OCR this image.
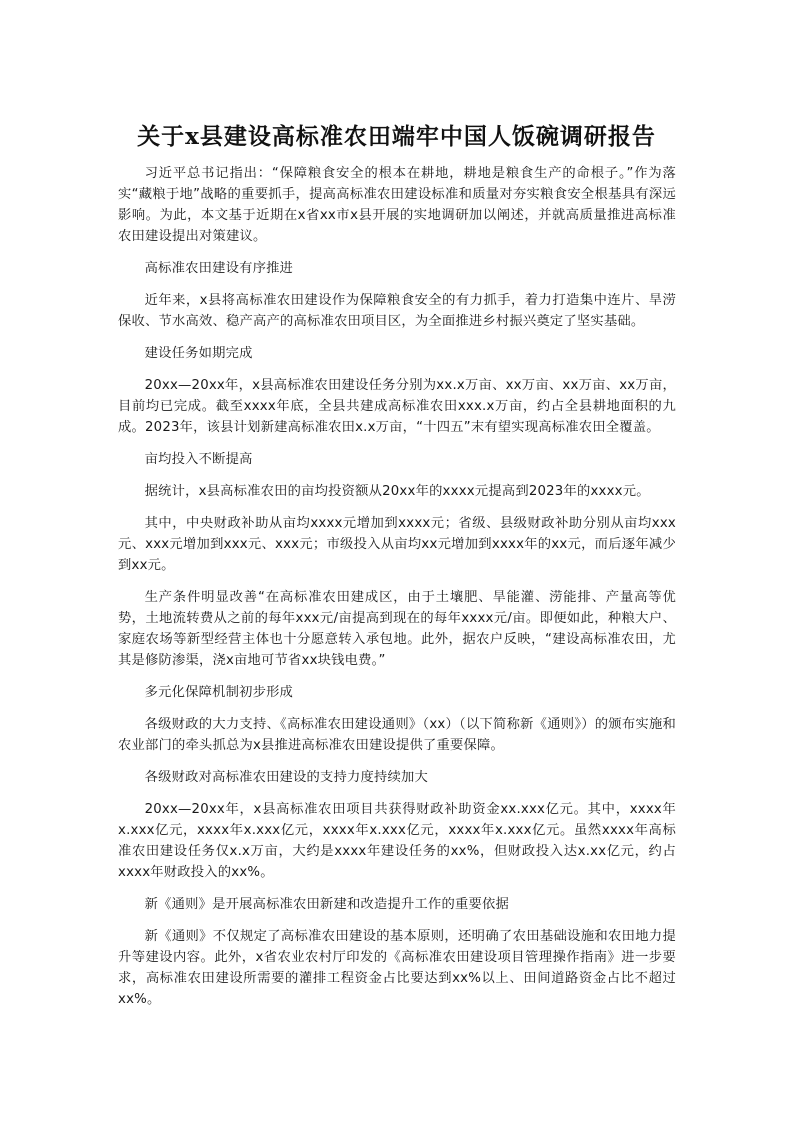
关于x县建设高标准农田端牢中国人饭碗调研报告

习近平总书记指出：“保障粮食安全的根本在耕地，耕地是粮食生产的命根子。”作为落实“藏粮于地”战略的重要抓手，提高高标准农田建设标准和质量对夯实粮食安全根基具有深远影响。为此，本文基于近期在x省xx市x县开展的实地调研加以阐述，并就高质量推进高标准农田建设提出对策建议。

高标准农田建设有序推进

近年来，x县将高标准农田建设作为保障粮食安全的有力抓手，着力打造集中连片、旱涝保收、节水高效、稳产高产的高标准农田项目区，为全面推进乡村振兴奠定了坚实基础。

建设任务如期完成

20xx—20xx年，x县高标准农田建设任务分别为xx.x万亩、xx万亩、xx万亩、xx万亩，目前均已完成。截至xxxx年底，全县共建成高标准农田xxx.x万亩，约占全县耕地面积的九成。2023年，该县计划新建高标准农田x.x万亩，“十四五”末有望实现高标准农田全覆盖。

亩均投入不断提高

据统计，x县高标准农田的亩均投资额从20xx年的xxxx元提高到2023年的xxxx元。

其中，中央财政补助从亩均xxxx元增加到xxxx元；省级、县级财政补助分别从亩均xxx元、xxx元增加到xxx元、xxx元；市级投入从亩均xx元增加到xxxx年的xx元，而后逐年减少到xx元。

生产条件明显改善“在高标准农田建成区，由于土壤肥、旱能灌、涝能排、产量高等优势，土地流转费从之前的每年xxx元/亩提高到现在的每年xxxx元/亩。即便如此，种粮大户、家庭农场等新型经营主体也十分愿意转入承包地。此外，据农户反映，“建设高标准农田，尤其是修防渗渠，浇x亩地可节省xx块钱电费。”

多元化保障机制初步形成

各级财政的大力支持、《高标准农田建设通则》（xx）（以下简称新《通则》）的颁布实施和农业部门的牵头抓总为x县推进高标准农田建设提供了重要保障。

各级财政对高标准农田建设的支持力度持续加大

20xx—20xx年，x县高标准农田项目共获得财政补助资金xx.xxx亿元。其中，xxxx年x.xxx亿元，xxxx年x.xxx亿元，xxxx年x.xxx亿元，xxxx年x.xxx亿元。虽然xxxx年高标准农田建设任务仅x.x万亩，大约是xxxx年建设任务的xx%，但财政投入达x.xx亿元，约占xxxx年财政投入的xx%。

新《通则》是开展高标准农田新建和改造提升工作的重要依据

新《通则》不仅规定了高标准农田建设的基本原则，还明确了农田基础设施和农田地力提升等建设内容。此外，x省农业农村厅印发的《高标准农田建设项目管理操作指南》进一步要求，高标准农田建设所需要的灌排工程资金占比要达到xx%以上、田间道路资金占比不超过xx%。
